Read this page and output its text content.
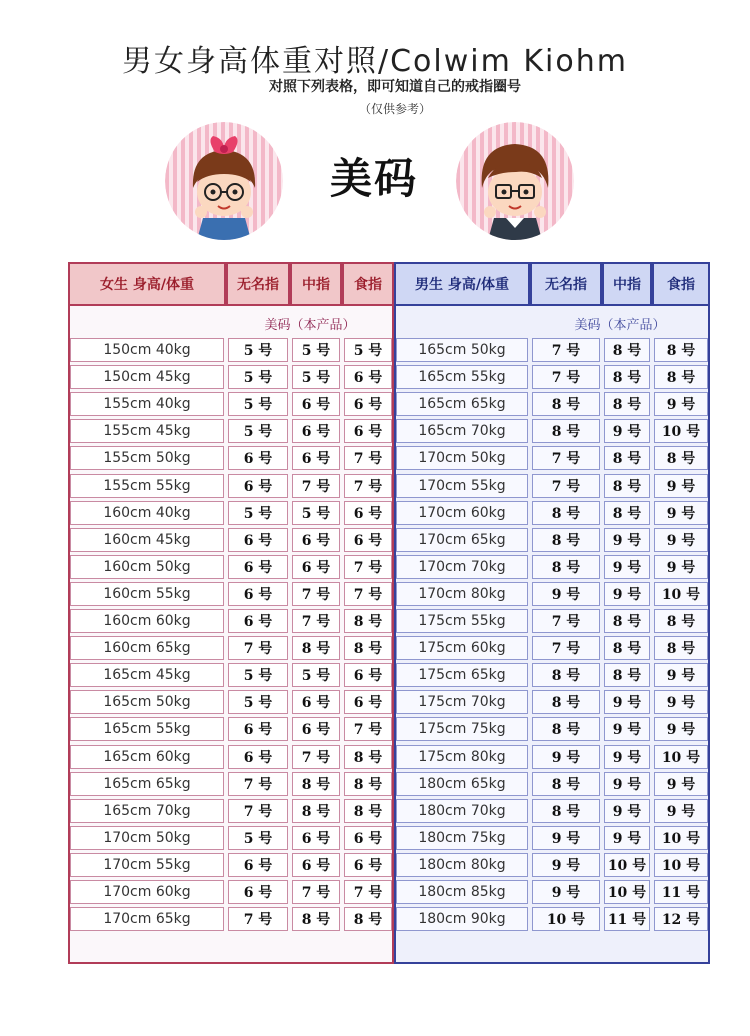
男女身高体重对照/Colwim Kiohm
对照下列表格，即可知道自己的戒指圈号
（仅供参考）
美码
女生 身高/体重	无名指	中指	食指
美码（本产品）
150cm 40kg	5 号	5 号	5 号
150cm 45kg	5 号	5 号	6 号
155cm 40kg	5 号	6 号	6 号
155cm 45kg	5 号	6 号	6 号
155cm 50kg	6 号	6 号	7 号
155cm 55kg	6 号	7 号	7 号
160cm 40kg	5 号	5 号	6 号
160cm 45kg	6 号	6 号	6 号
160cm 50kg	6 号	6 号	7 号
160cm 55kg	6 号	7 号	7 号
160cm 60kg	6 号	7 号	8 号
160cm 65kg	7 号	8 号	8 号
165cm 45kg	5 号	5 号	6 号
165cm 50kg	5 号	6 号	6 号
165cm 55kg	6 号	6 号	7 号
165cm 60kg	6 号	7 号	8 号
165cm 65kg	7 号	8 号	8 号
165cm 70kg	7 号	8 号	8 号
170cm 50kg	5 号	6 号	6 号
170cm 55kg	6 号	6 号	6 号
170cm 60kg	6 号	7 号	7 号
170cm 65kg	7 号	8 号	8 号
男生 身高/体重	无名指	中指	食指
美码（本产品）
165cm 50kg	7 号	8 号	8 号
165cm 55kg	7 号	8 号	8 号
165cm 65kg	8 号	8 号	9 号
165cm 70kg	8 号	9 号	10 号
170cm 50kg	7 号	8 号	8 号
170cm 55kg	7 号	8 号	9 号
170cm 60kg	8 号	8 号	9 号
170cm 65kg	8 号	9 号	9 号
170cm 70kg	8 号	9 号	9 号
170cm 80kg	9 号	9 号	10 号
175cm 55kg	7 号	8 号	8 号
175cm 60kg	7 号	8 号	8 号
175cm 65kg	8 号	8 号	9 号
175cm 70kg	8 号	9 号	9 号
175cm 75kg	8 号	9 号	9 号
175cm 80kg	9 号	9 号	10 号
180cm 65kg	8 号	9 号	9 号
180cm 70kg	8 号	9 号	9 号
180cm 75kg	9 号	9 号	10 号
180cm 80kg	9 号	10 号	10 号
180cm 85kg	9 号	10 号	11 号
180cm 90kg	10 号	11 号	12 号
